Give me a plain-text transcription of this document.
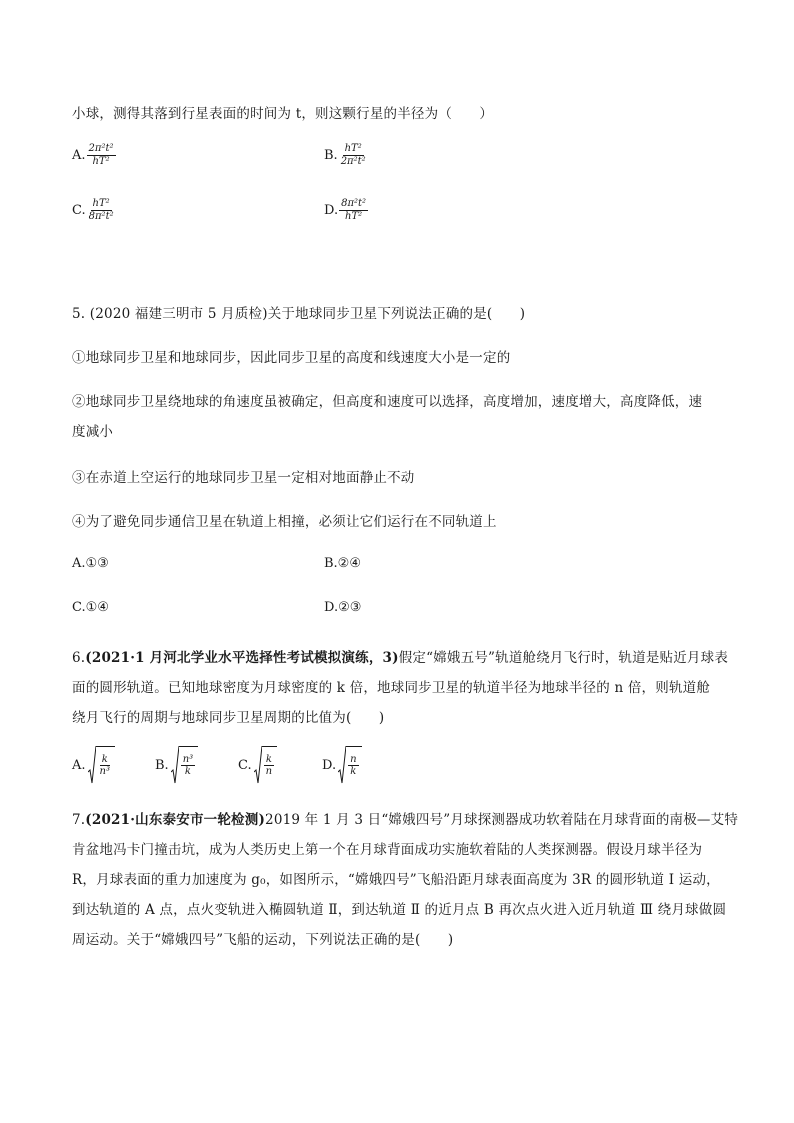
小球，测得其落到行星表面的时间为 t，则这颗行星的半径为（　　）
A. $\frac{\text{2π²t²}}{\text{hT²}}$	B. $\frac{\text{hT²}}{\text{2π²t²}}$
C. $\frac{\text{hT²}}{\text{8π²t²}}$	D. $\frac{\text{8π²t²}}{\text{hT²}}$
5. (2020 福建三明市 5 月质检)关于地球同步卫星下列说法正确的是(　　)
①地球同步卫星和地球同步，因此同步卫星的高度和线速度大小是一定的
②地球同步卫星绕地球的角速度虽被确定，但高度和速度可以选择，高度增加，速度增大，高度降低，速
度减小
③在赤道上空运行的地球同步卫星一定相对地面静止不动
④为了避免同步通信卫星在轨道上相撞，必须让它们运行在不同轨道上
A.①③	B.②④
C.①④	D.②③
6.(2021·1 月河北学业水平选择性考试模拟演练，3)假定“嫦娥五号”轨道舱绕月飞行时，轨道是贴近月球表
面的圆形轨道。已知地球密度为月球密度的 k 倍，地球同步卫星的轨道半径为地球半径的 n 倍，则轨道舱
绕月飞行的周期与地球同步卫星周期的比值为(　　)
A. $\frac{k}{\text{n³}}$	B. $\frac{\text{n³}}{k}$	C. $\frac{k}{n}$	D. $\frac{n}{k}$
7.(2021·山东泰安市一轮检测)2019 年 1 月 3 日“嫦娥四号”月球探测器成功软着陆在月球背面的南极—艾特
肯盆地冯卡门撞击坑，成为人类历史上第一个在月球背面成功实施软着陆的人类探测器。假设月球半径为
R，月球表面的重力加速度为 g₀，如图所示，“嫦娥四号”飞船沿距月球表面高度为 3R 的圆形轨道 Ⅰ 运动，
到达轨道的 A 点，点火变轨进入椭圆轨道 Ⅱ，到达轨道 Ⅱ 的近月点 B 再次点火进入近月轨道 Ⅲ 绕月球做圆
周运动。关于“嫦娥四号”飞船的运动，下列说法正确的是(　　)
